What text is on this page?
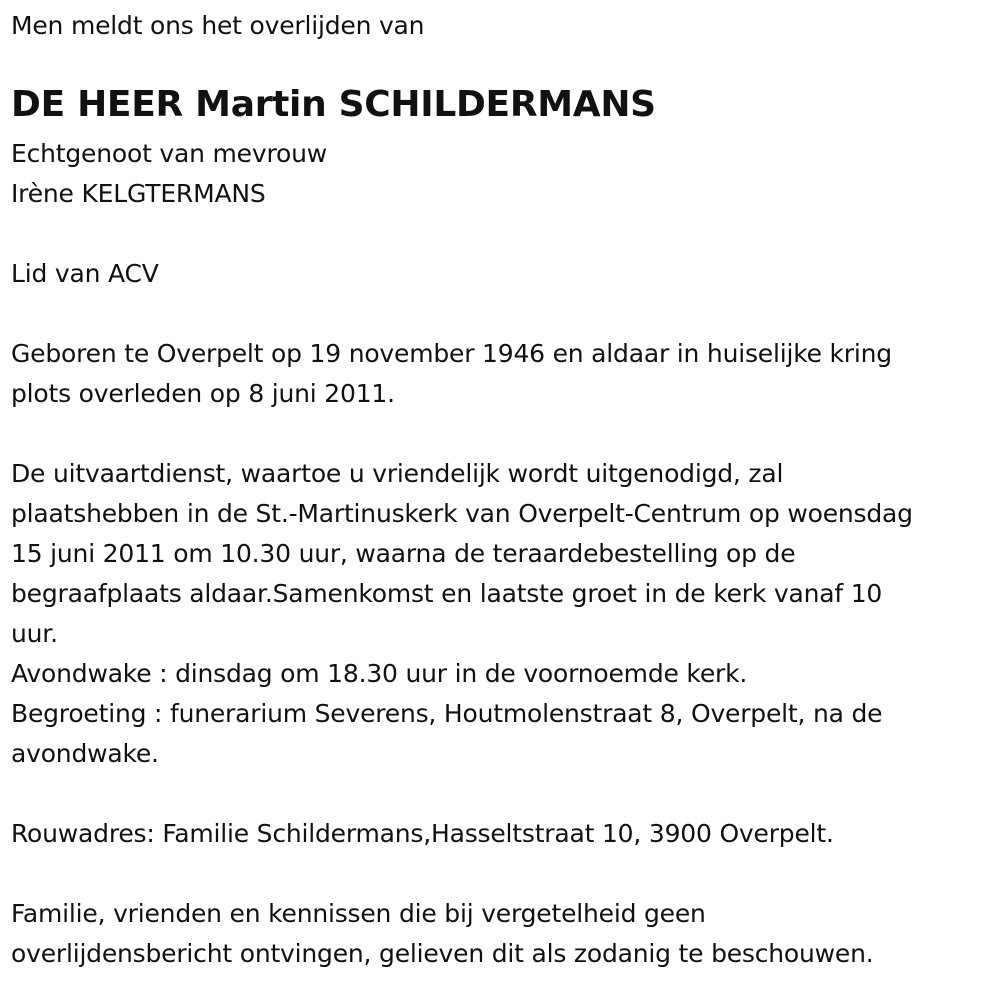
Men meldt ons het overlijden van
DE HEER Martin SCHILDERMANS
Echtgenoot van mevrouw
Irène KELGTERMANS
Lid van ACV
Geboren te Overpelt op 19 november 1946 en aldaar in huiselijke kring
plots overleden op 8 juni 2011.
De uitvaartdienst, waartoe u vriendelijk wordt uitgenodigd, zal
plaatshebben in de St.-Martinuskerk van Overpelt-Centrum op woensdag
15 juni 2011 om 10.30 uur, waarna de teraardebestelling op de
begraafplaats aldaar.Samenkomst en laatste groet in de kerk vanaf 10
uur.
Avondwake : dinsdag om 18.30 uur in de voornoemde kerk.
Begroeting : funerarium Severens, Houtmolenstraat 8, Overpelt, na de
avondwake.
Rouwadres: Familie Schildermans,Hasseltstraat 10, 3900 Overpelt.
Familie, vrienden en kennissen die bij vergetelheid geen
overlijdensbericht ontvingen, gelieven dit als zodanig te beschouwen.
